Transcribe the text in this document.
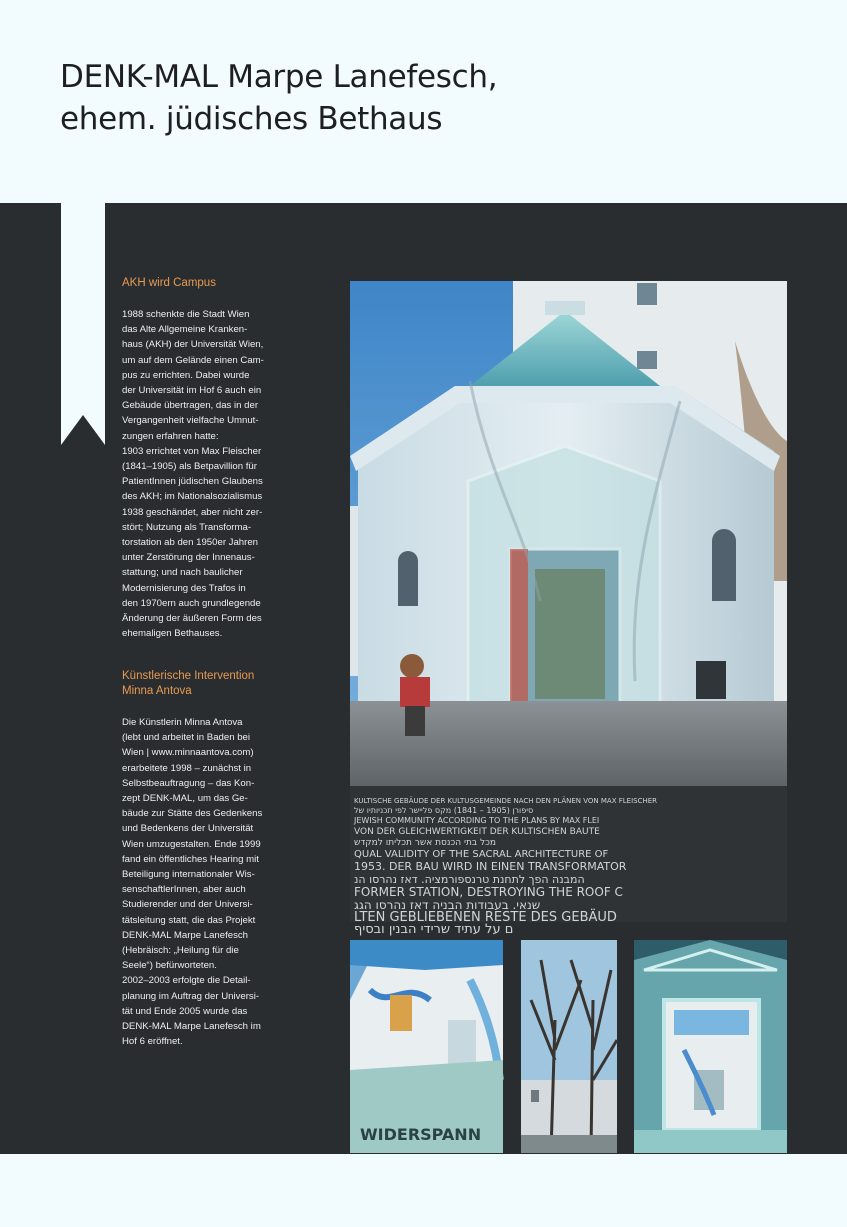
DENK-MAL Marpe Lanefesch,
ehem. jüdisches Bethaus
AKH wird Campus

1988 schenkte die Stadt Wien
das Alte Allgemeine Kranken-
haus (AKH) der Universität Wien,
um auf dem Gelände einen Cam-
pus zu errichten. Dabei wurde
der Universität im Hof 6 auch ein
Gebäude übertragen, das in der
Vergangenheit vielfache Umnut-
zungen erfahren hatte:
1903 errichtet von Max Fleischer
(1841–1905) als Betpavillion für
PatientInnen jüdischen Glaubens
des AKH; im Nationalsozialismus
1938 geschändet, aber nicht zer-
stört; Nutzung als Transforma-
torstation ab den 1950er Jahren
unter Zerstörung der Innenaus-
stattung; und nach baulicher
Modernisierung des Trafos in
den 1970ern auch grundlegende
Änderung der äußeren Form des
ehemaligen Bethauses.

Künstlerische Intervention
Minna Antova

Die Künstlerin Minna Antova
(lebt und arbeitet in Baden bei
Wien | www.minnaantova.com)
erarbeitete 1998 – zunächst in
Selbstbeauftragung – das Kon-
zept DENK-MAL, um das Ge-
bäude zur Stätte des Gedenkens
und Bedenkens der Universität
Wien umzugestalten. Ende 1999
fand ein öffentliches Hearing mit
Beteiligung internationaler Wis-
senschaftlerInnen, aber auch
Studierender und der Universi-
tätsleitung statt, die das Projekt
DENK-MAL Marpe Lanefesch
(Hebräisch: „Heilung für die
Seele“) befürworteten.
2002–2003 erfolgte die Detail-
planung im Auftrag der Universi-
tät und Ende 2005 wurde das
DENK-MAL Marpe Lanefesch im
Hof 6 eröffnet.

KULTISCHE GEBÄUDE DER KULTUSGEMEINDE NACH DEN PLÄNEN VON MAX FLEISCHER
סיפורן (1905 – 1841) מקס פליישר לפי תכניותיו של
JEWISH COMMUNITY ACCORDING TO THE PLANS BY MAX FLEI
VON DER GLEICHWERTIGKEIT DER KULTISCHEN BAUTE
מכל בתי הכנסת אשר תכליתו למקדש
QUAL VALIDITY OF THE SACRAL ARCHITECTURE OF
1953. DER BAU WIRD IN EINEN TRANSFORMATOR
המבנה הפך לתחנת טרנספורמציה. דאז נהרסו הנ
FORMER STATION, DESTROYING THE ROOF C
שנאי. בעבודות הבניה דאז נהרסו הגג
LTEN GEBLIEBENEN RESTE DES GEBÄUD
ם על עתיד שרידי הבנין ובסיף
WIDERSPANN
